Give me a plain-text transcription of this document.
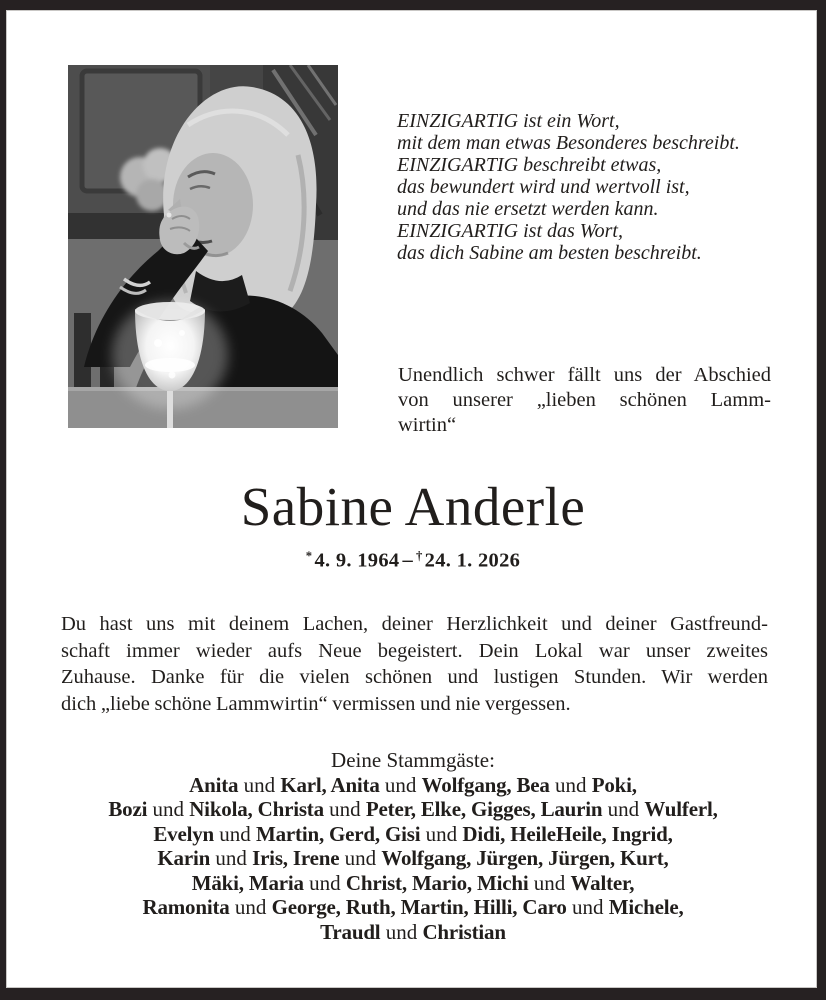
EINZIGARTIG ist ein Wort,
mit dem man etwas Besonderes beschreibt.
EINZIGARTIG beschreibt etwas,
das bewundert wird und wertvoll ist,
und das nie ersetzt werden kann.
EINZIGARTIG ist das Wort,
das dich Sabine am besten beschreibt.
Unendlich schwer fällt uns der Abschied
von unserer „lieben schönen Lamm-
wirtin“
Sabine Anderle
*4. 9. 1964 – †24. 1. 2026
Du hast uns mit deinem Lachen, deiner Herzlichkeit und deiner Gastfreund-
schaft immer wieder aufs Neue begeistert. Dein Lokal war unser zweites
Zuhause. Danke für die vielen schönen und lustigen Stunden. Wir werden
dich „liebe schöne Lammwirtin“ vermissen und nie vergessen.
Deine Stammgäste:
Anita und Karl, Anita und Wolfgang, Bea und Poki,
Bozi und Nikola, Christa und Peter, Elke, Gigges, Laurin und Wulferl,
Evelyn und Martin, Gerd, Gisi und Didi, HeileHeile, Ingrid,
Karin und Iris, Irene und Wolfgang, Jürgen, Jürgen, Kurt,
Mäki, Maria und Christ, Mario, Michi und Walter,
Ramonita und George, Ruth, Martin, Hilli, Caro und Michele,
Traudl und Christian
